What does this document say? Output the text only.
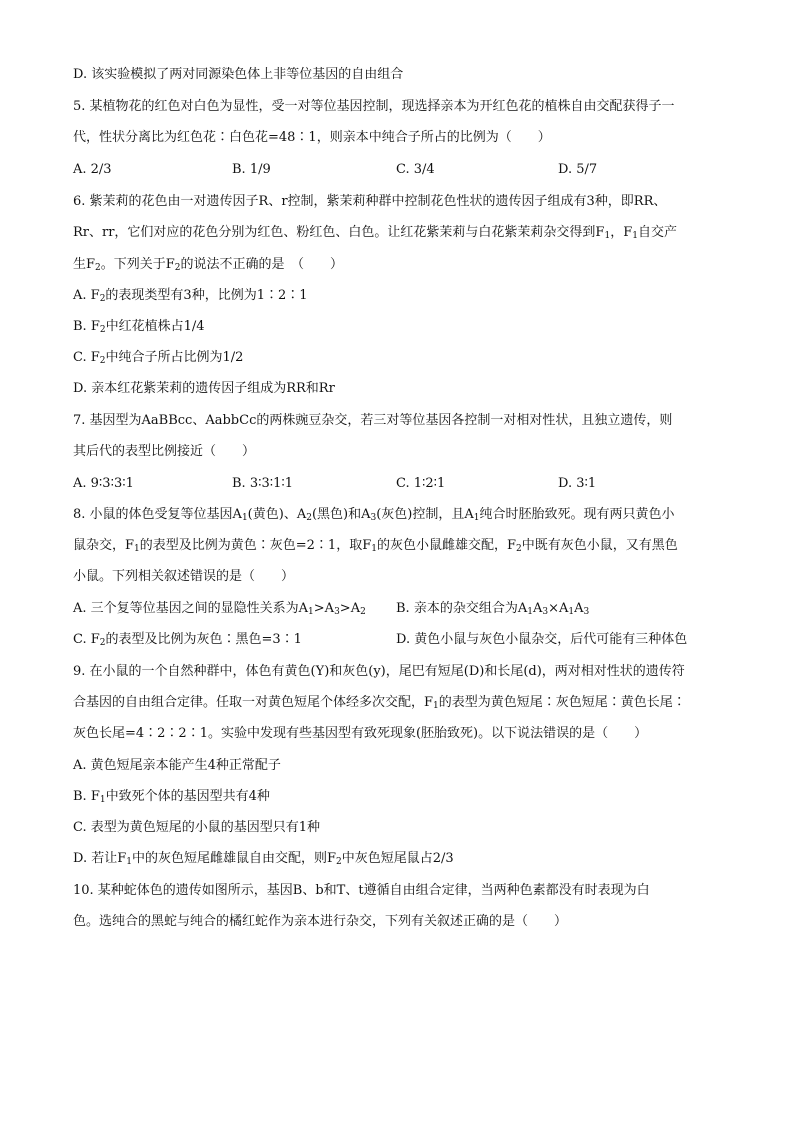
D. 该实验模拟了两对同源染色体上非等位基因的自由组合
5. 某植物花的红色对白色为显性，受一对等位基因控制，现选择亲本为开红色花的植株自由交配获得子一
代，性状分离比为红色花∶白色花=48∶1，则亲本中纯合子所占的比例为（　　）
A. 2/3	B. 1/9	C. 3/4	D. 5/7
6. 紫茉莉的花色由一对遗传因子R、r控制，紫茉莉种群中控制花色性状的遗传因子组成有3种，即RR、
Rr、rr，它们对应的花色分别为红色、粉红色、白色。让红花紫茉莉与白花紫茉莉杂交得到$F_1$，$F_1$自交产
生$F_2$。下列关于$F_2$的说法不正确的是　（　　）
A. $F_2$的表现类型有3种，比例为1∶2∶1
B. $F_2$中红花植株占1/4
C. $F_2$中纯合子所占比例为1/2
D. 亲本红花紫茉莉的遗传因子组成为RR和Rr
7. 基因型为AaBBcc、AabbCc的两株豌豆杂交，若三对等位基因各控制一对相对性状，且独立遗传，则
其后代的表型比例接近（　　）
A. 9∶3∶3∶1	B. 3∶3∶1∶1	C. 1∶2∶1	D. 3∶1
8. 小鼠的体色受复等位基因$A_1$(黄色)、$A_2$(黑色)和$A_3$(灰色)控制，且$A_1$纯合时胚胎致死。现有两只黄色小
鼠杂交，$F_1$的表型及比例为黄色∶灰色=2∶1，取$F_1$的灰色小鼠雌雄交配，$F_2$中既有灰色小鼠，又有黑色
小鼠。下列相关叙述错误的是（　　）
A. 三个复等位基因之间的显隐性关系为$A_1>A_3>A_2$ B. 亲本的杂交组合为$A_1A_3\times A_1A_3$
C. $F_2$的表型及比例为灰色∶黑色=3∶1	D. 黄色小鼠与灰色小鼠杂交，后代可能有三种体色
9. 在小鼠的一个自然种群中，体色有黄色(Y)和灰色(y)，尾巴有短尾(D)和长尾(d)，两对相对性状的遗传符
合基因的自由组合定律。任取一对黄色短尾个体经多次交配，$F_1$的表型为黄色短尾∶灰色短尾∶黄色长尾∶
灰色长尾=4∶2∶2∶1。实验中发现有些基因型有致死现象(胚胎致死)。以下说法错误的是（　　）
A. 黄色短尾亲本能产生4种正常配子
B. $F_1$中致死个体的基因型共有4种
C. 表型为黄色短尾的小鼠的基因型只有1种
D. 若让$F_1$中的灰色短尾雌雄鼠自由交配，则$F_2$中灰色短尾鼠占2/3
10. 某种蛇体色的遗传如图所示，基因B、b和T、t遵循自由组合定律，当两种色素都没有时表现为白
色。选纯合的黑蛇与纯合的橘红蛇作为亲本进行杂交，下列有关叙述正确的是（　　）
